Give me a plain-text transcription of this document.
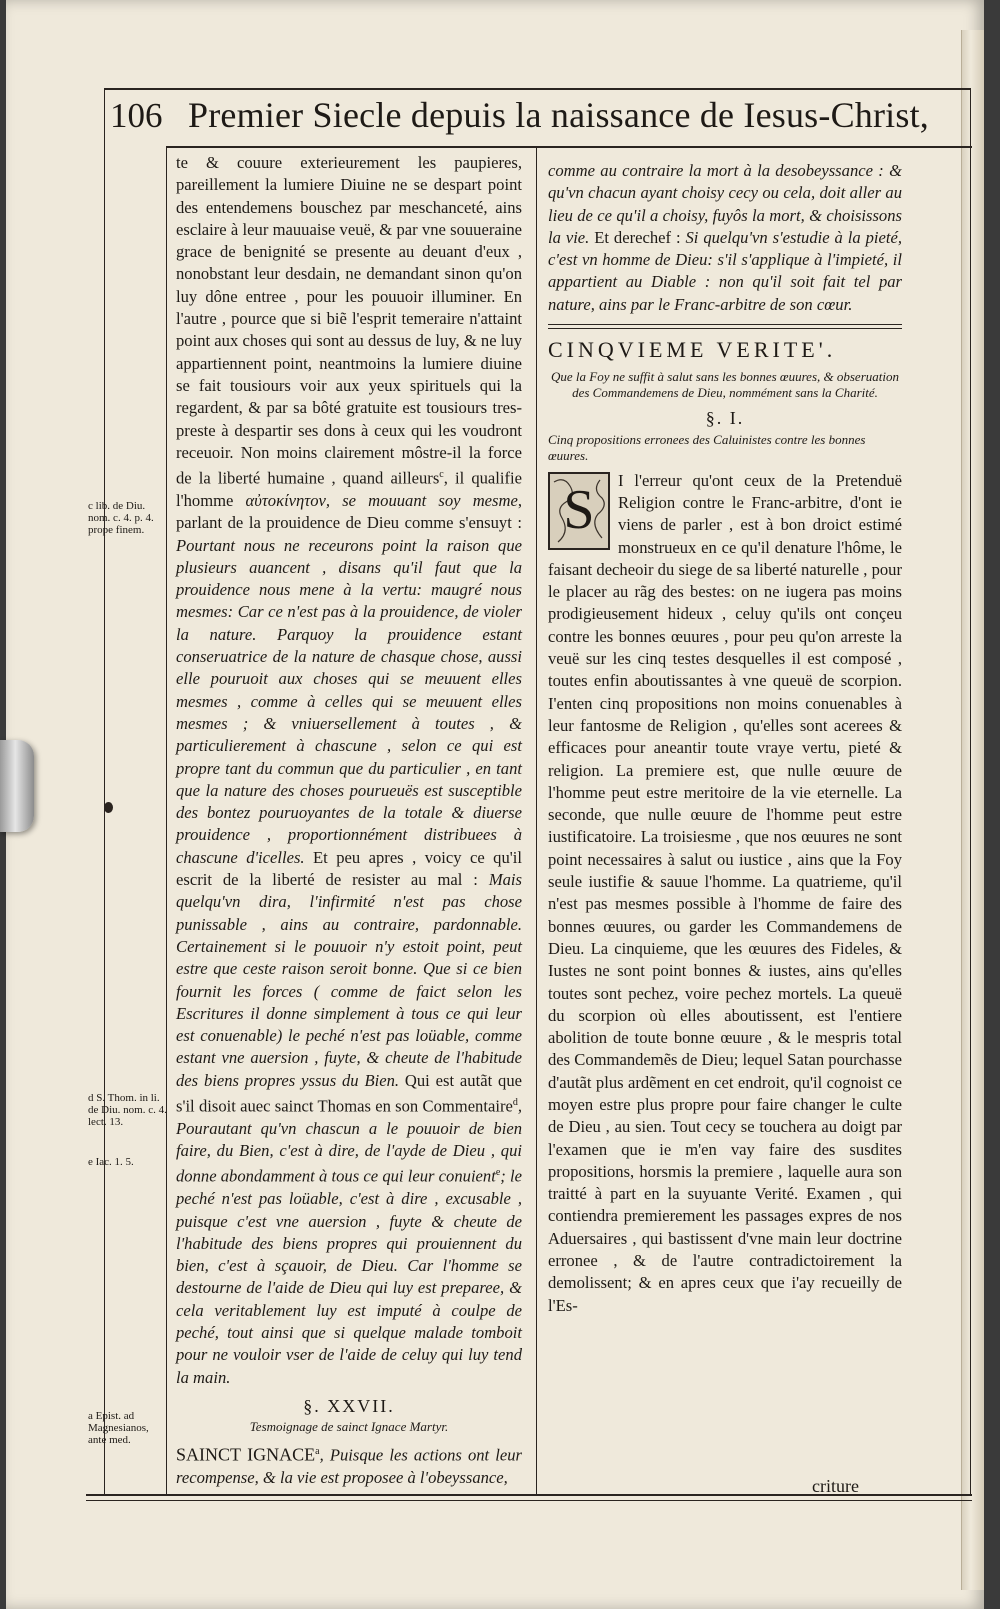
106 Premier Siecle depuis la naissance de Iesus-Christ,
c lib. de Diu. nom. c. 4. p. 4. prope finem.
d S. Thom. in li. de Diu. nom. c. 4. lect. 13.
e Iac. 1. 5.
a Epist. ad Magnesianos, ante med.

te & couure exterieurement les paupieres, pareillement la lumiere Diuine ne se despart point des entendemens bouschez par meschanceté, ains esclaire à leur mauuaise veuë, & par vne souueraine grace de benignité se presente au deuant d'eux , nonobstant leur desdain, ne demandant sinon qu'on luy dône entree , pour les pouuoir illuminer. En l'autre , pource que si biẽ l'esprit temeraire n'attaint point aux choses qui sont au dessus de luy, & ne luy appartiennent point, neantmoins la lumiere diuine se fait tousiours voir aux yeux spirituels qui la regardent, & par sa bôté gratuite est tousiours tres-preste à despartir ses dons à ceux qui les voudront receuoir. Non moins clairement môstre-il la force de la liberté humaine , quand ailleurs$^c$, il qualifie l'homme αὐτοκίνητον, se mouuant soy mesme, parlant de la prouidence de Dieu comme s'ensuyt : Pourtant nous ne receurons point la raison que plusieurs auancent , disans qu'il faut que la prouidence nous mene à la vertu: maugré nous mesmes: Car ce n'est pas à la prouidence, de violer la nature. Parquoy la prouidence estant conseruatrice de la nature de chasque chose, aussi elle pouruoit aux choses qui se meuuent elles mesmes , comme à celles qui se meuuent elles mesmes ; & vniuersellement à toutes , & particulierement à chascune , selon ce qui est propre tant du commun que du particulier , en tant que la nature des choses pourueuës est susceptible des bontez pouruoyantes de la totale & diuerse prouidence , proportionnément distribuees à chascune d'icelles. Et peu apres , voicy ce qu'il escrit de la liberté de resister au mal : Mais quelqu'vn dira, l'infirmité n'est pas chose punissable , ains au contraire, pardonnable. Certainement si le pouuoir n'y estoit point, peut estre que ceste raison seroit bonne. Que si ce bien fournit les forces ( comme de faict selon les Escritures il donne simplement à tous ce qui leur est conuenable) le peché n'est pas loüable, comme estant vne auersion , fuyte, & cheute de l'habitude des biens propres yssus du Bien. Qui est autãt que s'il disoit auec sainct Thomas en son Commentaire$^d$, Pourautant qu'vn chascun a le pouuoir de bien faire, du Bien, c'est à dire, de l'ayde de Dieu , qui donne abondamment à tous ce qui leur conuient$^e$; le peché n'est pas loüable, c'est à dire , excusable , puisque c'est vne auersion , fuyte & cheute de l'habitude des biens propres qui prouiennent du bien, c'est à sçauoir, de Dieu. Car l'homme se destourne de l'aide de Dieu qui luy est preparee, & cela veritablement luy est imputé à coulpe de peché, tout ainsi que si quelque malade tomboit pour ne vouloir vser de l'aide de celuy qui luy tend la main.

§. XXVII.
Tesmoignage de sainct Ignace Martyr.

SAINCT IGNACE$^a$, Puisque les actions ont leur recompense, & la vie est proposee à l'obeyssance,

comme au contraire la mort à la desobeyssance : & qu'vn chacun ayant choisy cecy ou cela, doit aller au lieu de ce qu'il a choisy, fuyôs la mort, & choisissons la vie. Et derechef : Si quelqu'vn s'estudie à la pieté, c'est vn homme de Dieu: s'il s'applique à l'impieté, il appartient au Diable : non qu'il soit fait tel par nature, ains par le Franc-arbitre de son cœur.

CINQVIEME VERITE'.
Que la Foy ne suffit à salut sans les bonnes œuures, & obseruation des Commandemens de Dieu, nommément sans la Charité.
§. I.
Cinq propositions erronees des Caluinistes contre les bonnes œuures.

S I l'erreur qu'ont ceux de la Pretenduë Religion contre le Franc-arbitre, d'ont ie viens de parler , est à bon droict estimé monstrueux en ce qu'il denature l'hôme, le faisant decheoir du siege de sa liberté naturelle , pour le placer au rãg des bestes: on ne iugera pas moins prodigieusement hideux , celuy qu'ils ont conçeu contre les bonnes œuures , pour peu qu'on arreste la veuë sur les cinq testes desquelles il est composé , toutes enfin aboutissantes à vne queuë de scorpion. I'enten cinq propositions non moins conuenables à leur fantosme de Religion , qu'elles sont acerees & efficaces pour aneantir toute vraye vertu, pieté & religion. La premiere est, que nulle œuure de l'homme peut estre meritoire de la vie eternelle. La seconde, que nulle œuure de l'homme peut estre iustificatoire. La troisiesme , que nos œuures ne sont point necessaires à salut ou iustice , ains que la Foy seule iustifie & sauue l'homme. La quatrieme, qu'il n'est pas mesmes possible à l'homme de faire des bonnes œuures, ou garder les Commandemens de Dieu. La cinquieme, que les œuures des Fideles, & Iustes ne sont point bonnes & iustes, ains qu'elles toutes sont pechez, voire pechez mortels. La queuë du scorpion où elles aboutissent, est l'entiere abolition de toute bonne œuure , & le mespris total des Commandemẽs de Dieu; lequel Satan pourchasse d'autãt plus ardẽment en cet endroit, qu'il cognoist ce moyen estre plus propre pour faire changer le culte de Dieu , au sien. Tout cecy se touchera au doigt par l'examen que ie m'en vay faire des susdites propositions, horsmis la premiere , laquelle aura son traitté à part en la suyuante Verité. Examen , qui contiendra premierement les passages expres de nos Aduersaires , qui bastissent d'vne main leur doctrine erronee , & de l'autre contradictoirement la demolissent; & en apres ceux que i'ay recueilly de l'Es-

criture
